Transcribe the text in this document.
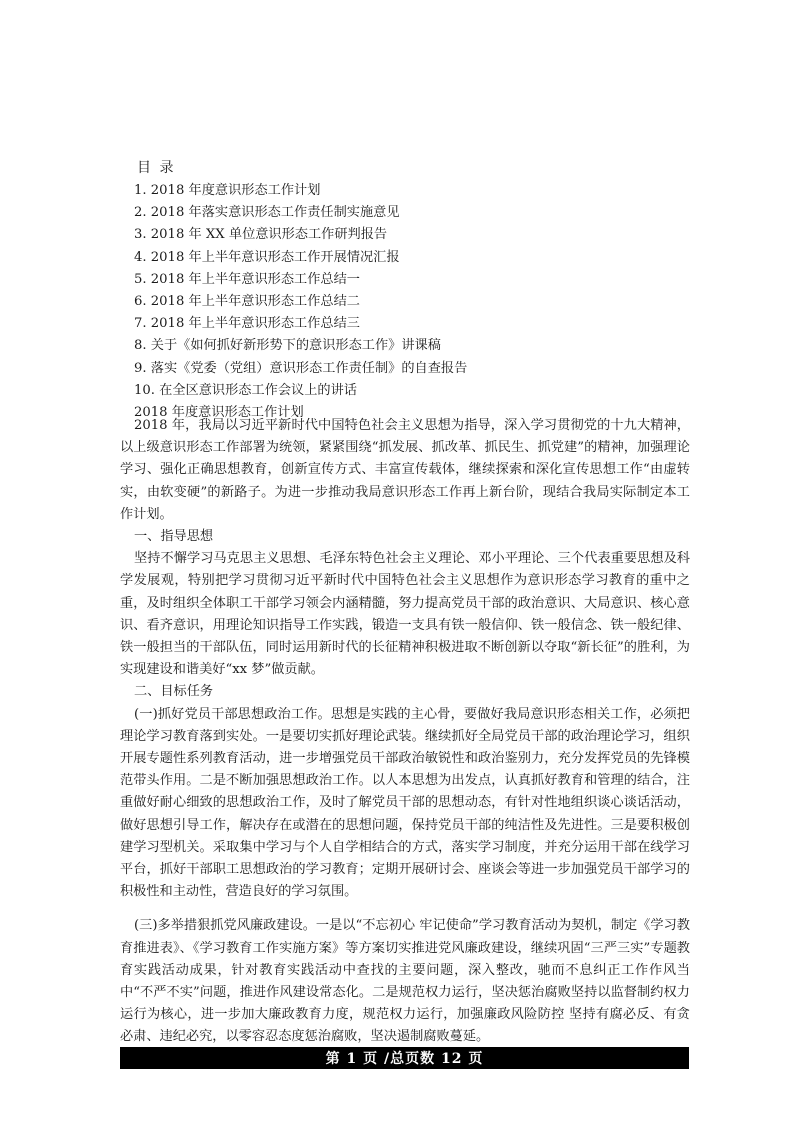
目 录
1. 2018 年度意识形态工作计划
2. 2018 年落实意识形态工作责任制实施意见
3. 2018 年 XX 单位意识形态工作研判报告
4. 2018 年上半年意识形态工作开展情况汇报
5. 2018 年上半年意识形态工作总结一
6. 2018 年上半年意识形态工作总结二
7. 2018 年上半年意识形态工作总结三
8. 关于《如何抓好新形势下的意识形态工作》讲课稿
9. 落实《党委（党组）意识形态工作责任制》的自查报告
10. 在全区意识形态工作会议上的讲话
2018 年度意识形态工作计划

2018 年，我局以习近平新时代中国特色社会主义思想为指导，深入学习贯彻党的十九大精神，以上级意识形态工作部署为统领，紧紧围绕“抓发展、抓改革、抓民生、抓党建”的精神，加强理论学习、强化正确思想教育，创新宣传方式、丰富宣传载体，继续探索和深化宣传思想工作“由虚转实，由软变硬”的新路子。为进一步推动我局意识形态工作再上新台阶，现结合我局实际制定本工作计划。

一、指导思想

坚持不懈学习马克思主义思想、毛泽东特色社会主义理论、邓小平理论、三个代表重要思想及科学发展观，特别把学习贯彻习近平新时代中国特色社会主义思想作为意识形态学习教育的重中之重，及时组织全体职工干部学习领会内涵精髓，努力提高党员干部的政治意识、大局意识、核心意识、看齐意识，用理论知识指导工作实践，锻造一支具有铁一般信仰、铁一般信念、铁一般纪律、铁一般担当的干部队伍，同时运用新时代的长征精神积极进取不断创新以夺取“新长征”的胜利，为实现建设和谐美好“xx 梦”做贡献。

二、目标任务

(一)抓好党员干部思想政治工作。思想是实践的主心骨，要做好我局意识形态相关工作，必须把理论学习教育落到实处。一是要切实抓好理论武装。继续抓好全局党员干部的政治理论学习，组织开展专题性系列教育活动，进一步增强党员干部政治敏锐性和政治鉴别力，充分发挥党员的先锋模范带头作用。二是不断加强思想政治工作。以人本思想为出发点，认真抓好教育和管理的结合，注重做好耐心细致的思想政治工作，及时了解党员干部的思想动态，有针对性地组织谈心谈话活动，做好思想引导工作，解决存在或潜在的思想问题，保持党员干部的纯洁性及先进性。三是要积极创建学习型机关。采取集中学习与个人自学相结合的方式，落实学习制度，并充分运用干部在线学习平台，抓好干部职工思想政治的学习教育；定期开展研讨会、座谈会等进一步加强党员干部学习的积极性和主动性，营造良好的学习氛围。

(三)多举措狠抓党风廉政建设。一是以“不忘初心 牢记使命”学习教育活动为契机，制定《学习教育推进表》、《学习教育工作实施方案》等方案切实推进党风廉政建设，继续巩固“三严三实”专题教育实践活动成果，针对教育实践活动中查找的主要问题，深入整改，驰而不息纠正工作作风当中“不严不实”问题，推进作风建设常态化。二是规范权力运行，坚决惩治腐败坚持以监督制约权力运行为核心，进一步加大廉政教育力度，规范权力运行，加强廉政风险防控 坚持有腐必反、有贪必肃、违纪必究，以零容忍态度惩治腐败，坚决遏制腐败蔓延。

第 1 页 /总页数 12 页
